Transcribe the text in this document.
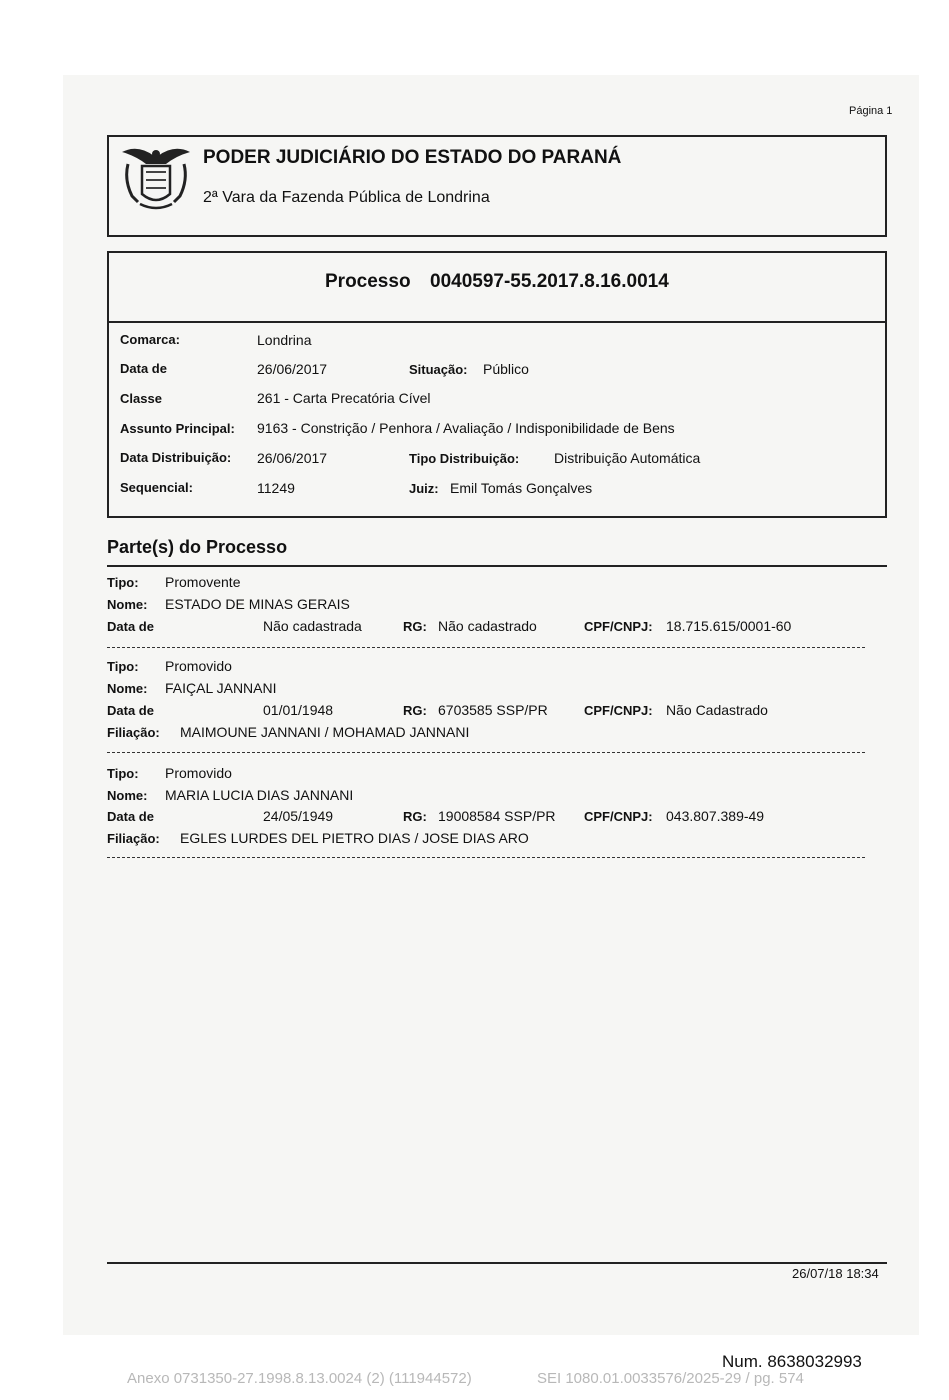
Página 1
PODER JUDICIÁRIO DO ESTADO DO PARANÁ
2ª Vara da Fazenda Pública de Londrina
Processo 0040597-55.2017.8.16.0014
Comarca:	Londrina
Data de	26/06/2017	Situação: Público
Classe	261 - Carta Precatória Cível
Assunto Principal: 9163 - Constrição / Penhora / Avaliação / Indisponibilidade de Bens
Data Distribuição: 26/06/2017	Tipo Distribuição: Distribuição Automática
Sequencial:	11249	Juiz: Emil Tomás Gonçalves
Parte(s) do Processo
Tipo: Promovente
Nome: ESTADO DE MINAS GERAIS
Data de	Não cadastrada	RG: Não cadastrado	CPF/CNPJ: 18.715.615/0001-60
Tipo: Promovido
Nome: FAIÇAL JANNANI
Data de	01/01/1948	RG: 6703585 SSP/PR	CPF/CNPJ: Não Cadastrado
Filiação: MAIMOUNE JANNANI / MOHAMAD JANNANI
Tipo: Promovido
Nome: MARIA LUCIA DIAS JANNANI
Data de	24/05/1949	RG: 19008584 SSP/PR CPF/CNPJ: 043.807.389-49
Filiação: EGLES LURDES DEL PIETRO DIAS / JOSE DIAS ARO
26/07/18 18:34
Num. 8638032993
Anexo 0731350-27.1998.8.13.0024 (2) (111944572)	SEI 1080.01.0033576/2025-29 / pg. 574
